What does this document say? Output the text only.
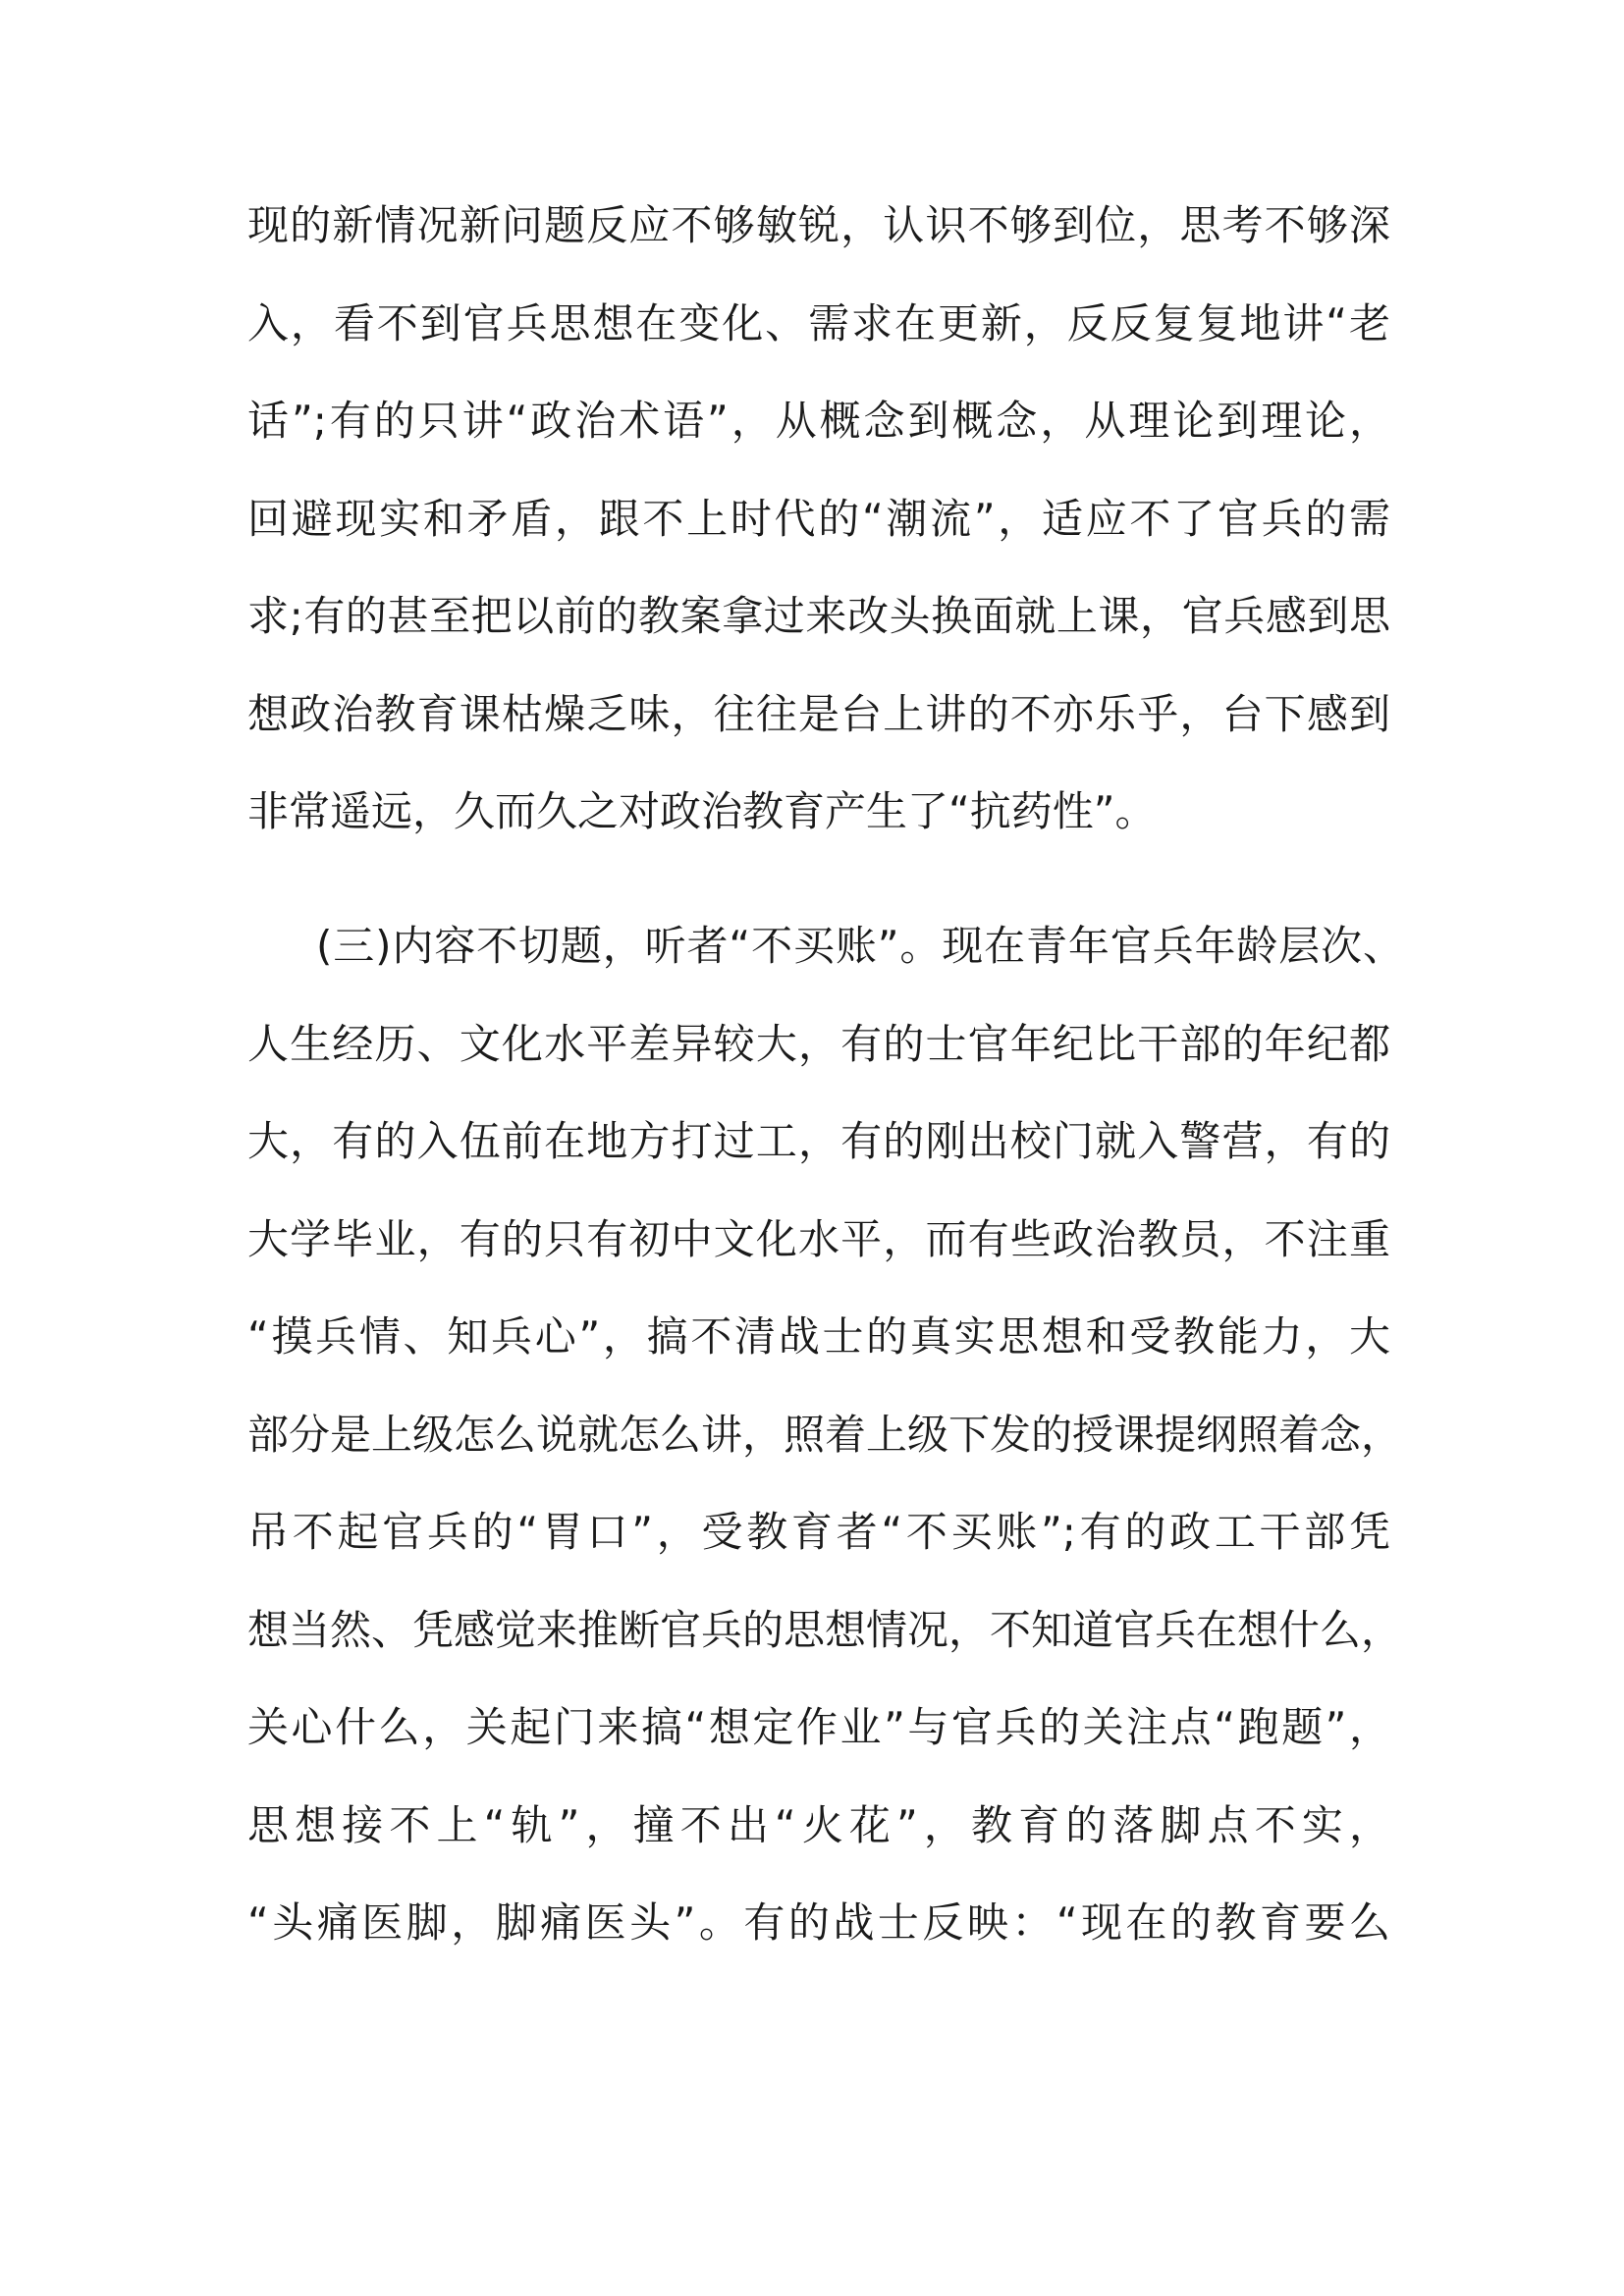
现的新情况新问题反应不够敏锐，认识不够到位，思考不够深
入，看不到官兵思想在变化、需求在更新，反反复复地讲“老
话”;有的只讲“政治术语”，从概念到概念，从理论到理论，
回避现实和矛盾，跟不上时代的“潮流”，适应不了官兵的需
求;有的甚至把以前的教案拿过来改头换面就上课，官兵感到思
想政治教育课枯燥乏味，往往是台上讲的不亦乐乎，台下感到
非常遥远，久而久之对政治教育产生了“抗药性”。
(三)内容不切题，听者“不买账”。现在青年官兵年龄层次、
人生经历、文化水平差异较大，有的士官年纪比干部的年纪都
大，有的入伍前在地方打过工，有的刚出校门就入警营，有的
大学毕业，有的只有初中文化水平，而有些政治教员，不注重
“摸兵情、知兵心”，搞不清战士的真实思想和受教能力，大
部分是上级怎么说就怎么讲，照着上级下发的授课提纲照着念，
吊不起官兵的“胃口”，受教育者“不买账”;有的政工干部凭
想当然、凭感觉来推断官兵的思想情况，不知道官兵在想什么，
关心什么，关起门来搞“想定作业”与官兵的关注点“跑题”，
思想接不上“轨”，撞不出“火花”，教育的落脚点不实，
“头痛医脚，脚痛医头”。有的战士反映：“现在的教育要么
